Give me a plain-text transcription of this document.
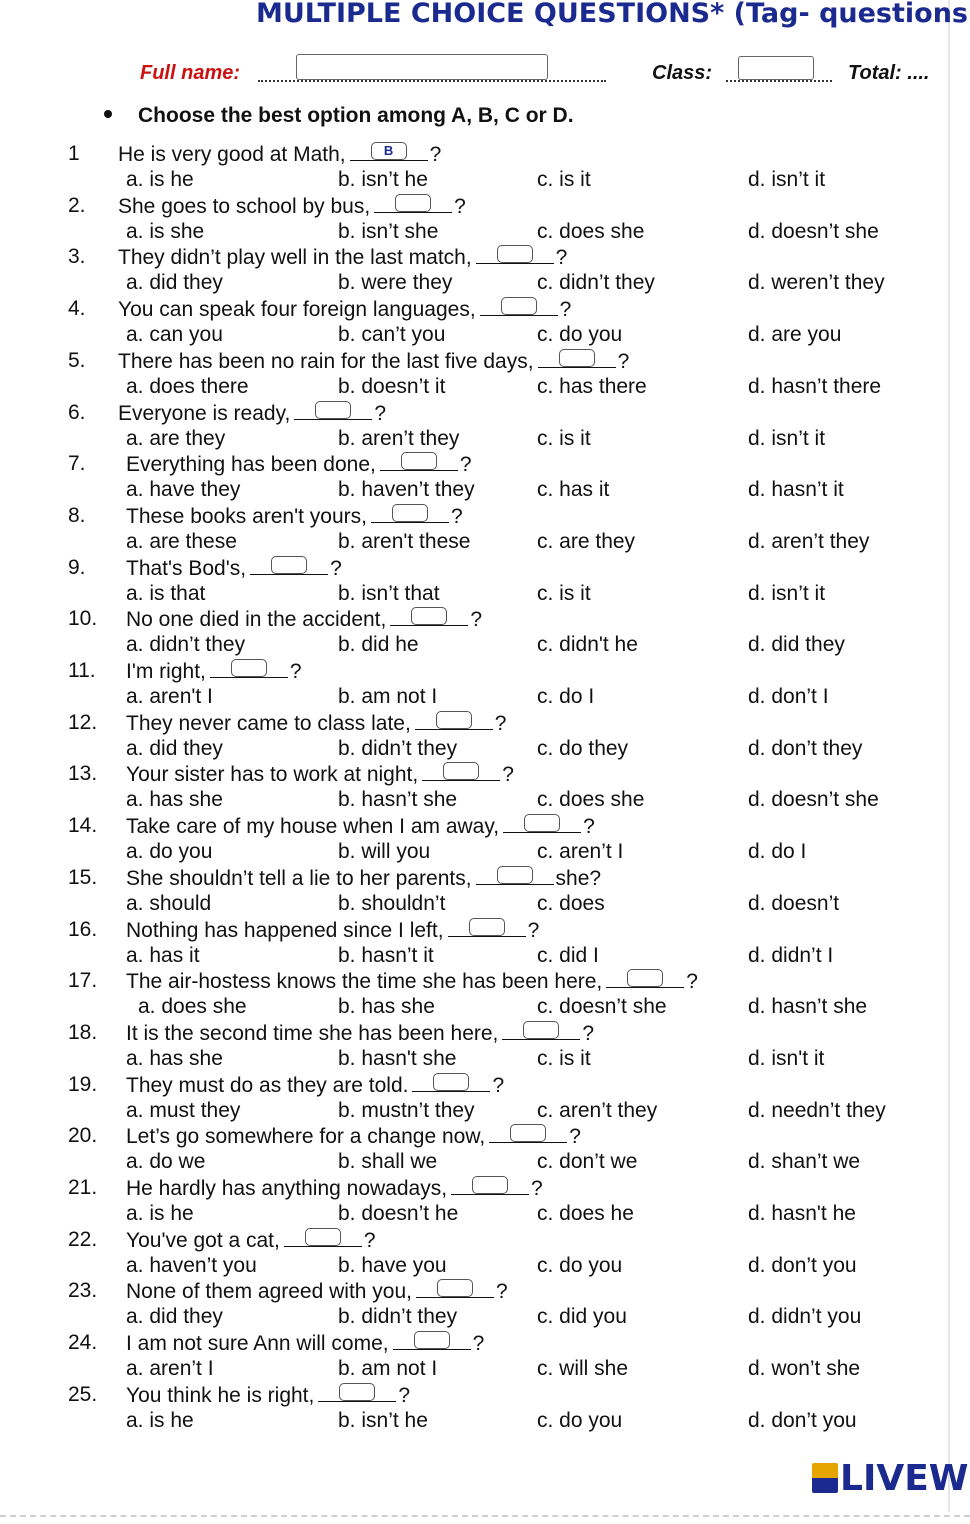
MULTIPLE CHOICE QUESTIONS* (Tag- questions
Full name:	Class:	Total: ....
Choose the best option among A, B, C or D.
1 He is very good at Math,	B	?
a. is he	b. isn’t he	c. is it	d. isn’t it
2. She goes to school by bus,	?
a. is she	b. isn’t she	c. does she	d. doesn’t she
3. They didn’t play well in the last match,	?
a. did they	b. were they	c. didn’t they	d. weren’t they
4. You can speak four foreign languages,	?
a. can you	b. can’t you	c. do you	d. are you
5. There has been no rain for the last five days,	?
a. does there	b. doesn’t it	c. has there	d. hasn’t there
6. Everyone is ready,	?
a. are they	b. aren’t they	c. is it	d. isn’t it
7. Everything has been done,	?
a. have they	b. haven’t they	c. has it	d. hasn’t it
8. These books aren't yours,	?
a. are these	b. aren't these	c. are they	d. aren’t they
9. That's Bod's,	?
a. is that	b. isn’t that	c. is it	d. isn’t it
10. No one died in the accident,	?
a. didn’t they	b. did he	c. didn't he	d. did they
11. I'm right,	?
a. aren't I	b. am not I	c. do I	d. don’t I
12. They never came to class late,	?
a. did they	b. didn’t they	c. do they	d. don’t they
13. Your sister has to work at night,	?
a. has she	b. hasn’t she	c. does she	d. doesn’t she
14. Take care of my house when I am away,	?
a. do you	b. will you	c. aren’t I	d. do I
15. She shouldn’t tell a lie to her parents,	she?
a. should	b. shouldn’t	c. does	d. doesn’t
16. Nothing has happened since I left,	?
a. has it	b. hasn’t it	c. did I	d. didn’t I
17. The air-hostess knows the time she has been here,	?
a. does she	b. has she	c. doesn’t she	d. hasn’t she
18. It is the second time she has been here,	?
a. has she	b. hasn't she	c. is it	d. isn't it
19. They must do as they are told.	?
a. must they	b. mustn’t they	c. aren’t they	d. needn’t they
20. Let’s go somewhere for a change now,	?
a. do we	b. shall we	c. don’t we	d. shan’t we
21. He hardly has anything nowadays,	?
a. is he	b. doesn’t he	c. does he	d. hasn't he
22. You've got a cat,	?
a. haven’t you	b. have you	c. do you	d. don’t you
23. None of them agreed with you,	?
a. did they	b. didn’t they	c. did you	d. didn’t you
24. I am not sure Ann will come,	?
a. aren’t I	b. am not I	c. will she	d. won’t she
25. You think he is right,	?
a. is he	b. isn’t he	c. do you	d. don’t you
LIVEW
